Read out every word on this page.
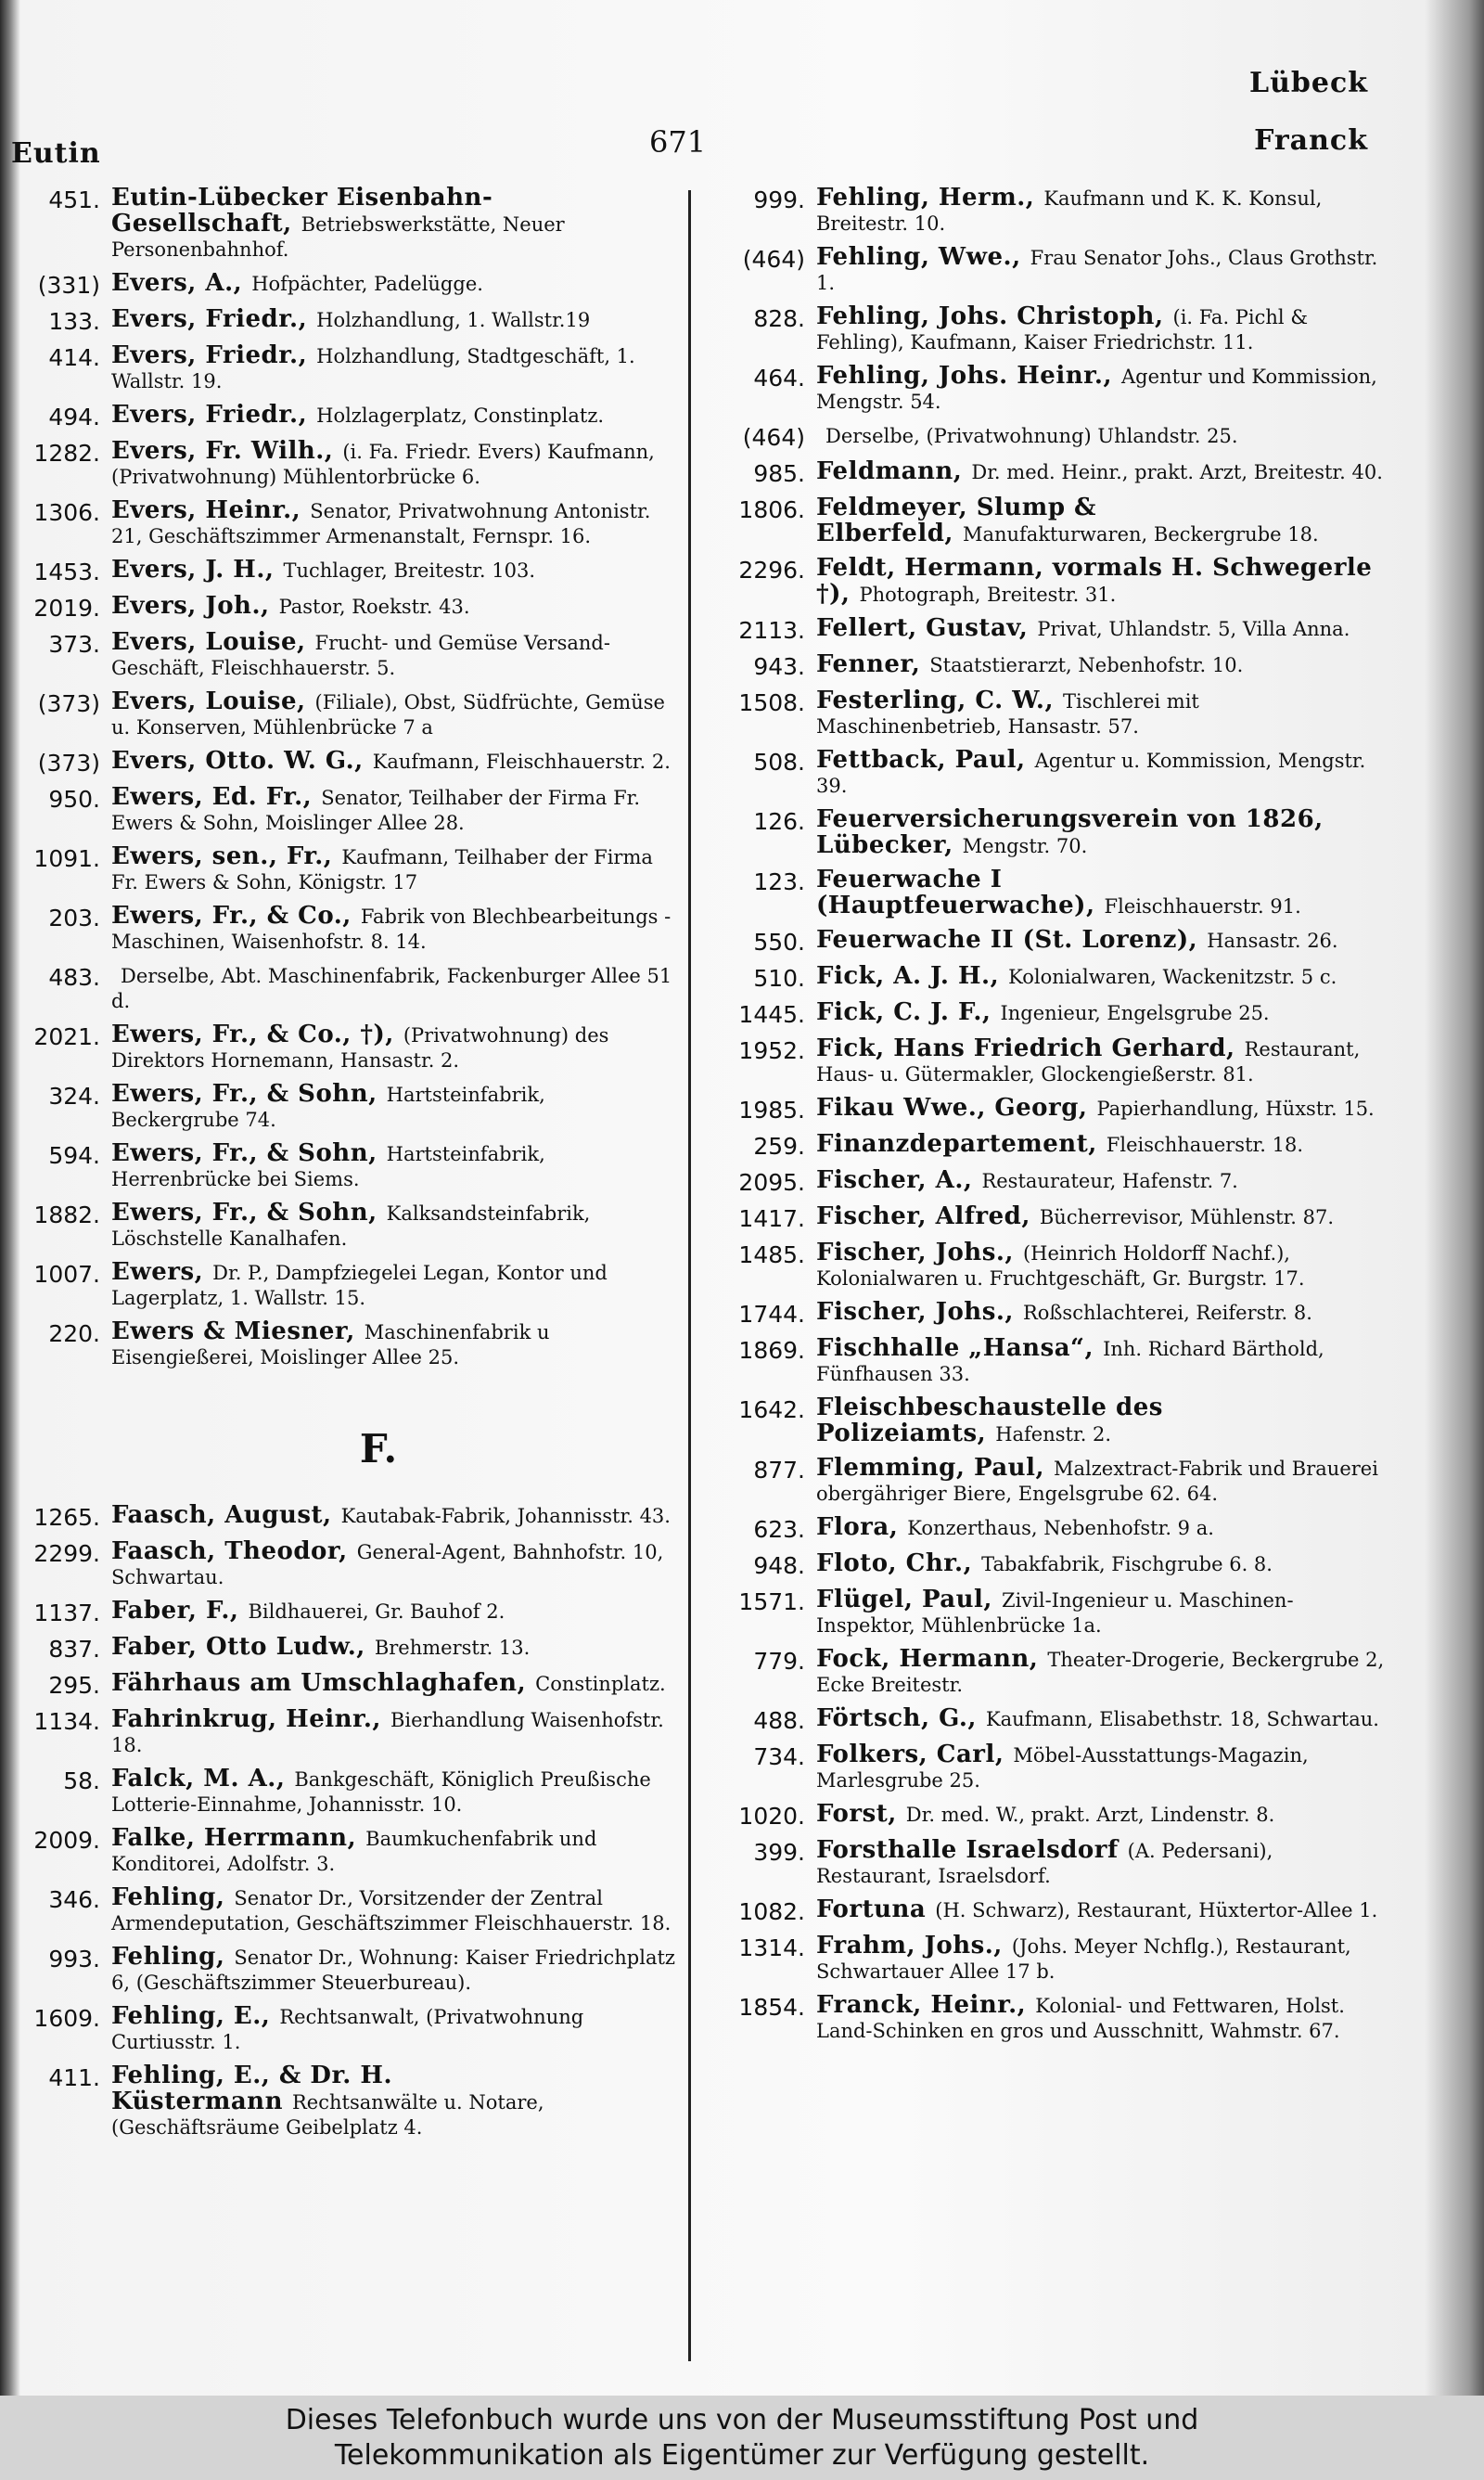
Lübeck
Eutin	671	Franck
451. Eutin-Lübecker Eisenbahn-Gesellschaft, Betriebswerkstätte, Neuer Personenbahnhof.
(331) Evers, A., Hofpächter, Padelügge.
133. Evers, Friedr., Holzhandlung, 1. Wallstr.19
414. Evers, Friedr., Holzhandlung, Stadtgeschäft, 1. Wallstr. 19.
494. Evers, Friedr., Holzlagerplatz, Constinplatz.
1282. Evers, Fr. Wilh., (i. Fa. Friedr. Evers) Kaufmann, (Privatwohnung) Mühlentorbrücke 6.
1306. Evers, Heinr., Senator, Privatwohnung Antonistr. 21, Geschäftszimmer Armenanstalt, Fernspr. 16.
1453. Evers, J. H., Tuchlager, Breitestr. 103.
2019. Evers, Joh., Pastor, Roekstr. 43.
373. Evers, Louise, Frucht- und Gemüse Versand-Geschäft, Fleischhauerstr. 5.
(373) Evers, Louise, (Filiale), Obst, Südfrüchte, Gemüse u. Konserven, Mühlenbrücke 7 a
(373) Evers, Otto. W. G., Kaufmann, Fleischhauerstr. 2.
950. Ewers, Ed. Fr., Senator, Teilhaber der Firma Fr. Ewers & Sohn, Moislinger Allee 28.
1091. Ewers, sen., Fr., Kaufmann, Teilhaber der Firma Fr. Ewers & Sohn, Königstr. 17
203. Ewers, Fr., & Co., Fabrik von Blechbearbeitungs - Maschinen, Waisenhofstr. 8. 14.
483. Derselbe, Abt. Maschinenfabrik, Fackenburger Allee 51 d.
2021. Ewers, Fr., & Co., †), (Privatwohnung) des Direktors Hornemann, Hansastr. 2.
324. Ewers, Fr., & Sohn, Hartsteinfabrik, Beckergrube 74.
594. Ewers, Fr., & Sohn, Hartsteinfabrik, Herrenbrücke bei Siems.
1882. Ewers, Fr., & Sohn, Kalksandsteinfabrik, Löschstelle Kanalhafen.
1007. Ewers, Dr. P., Dampfziegelei Legan, Kontor und Lagerplatz, 1. Wallstr. 15.
220. Ewers & Miesner, Maschinenfabrik u Eisengießerei, Moislinger Allee 25.
F.
1265. Faasch, August, Kautabak-Fabrik, Johannisstr. 43.
2299. Faasch, Theodor, General-Agent, Bahnhofstr. 10, Schwartau.
1137. Faber, F., Bildhauerei, Gr. Bauhof 2.
837. Faber, Otto Ludw., Brehmerstr. 13.
295. Fährhaus am Umschlaghafen, Constinplatz.
1134. Fahrinkrug, Heinr., Bierhandlung Waisenhofstr. 18.
58. Falck, M. A., Bankgeschäft, Königlich Preußische Lotterie-Einnahme, Johannisstr. 10.
2009. Falke, Herrmann, Baumkuchenfabrik und Konditorei, Adolfstr. 3.
346. Fehling, Senator Dr., Vorsitzender der Zentral Armendeputation, Geschäftszimmer Fleischhauerstr. 18.
993. Fehling, Senator Dr., Wohnung: Kaiser Friedrichplatz 6, (Geschäftszimmer Steuerbureau).
1609. Fehling, E., Rechtsanwalt, (Privatwohnung Curtiusstr. 1.
411. Fehling, E., & Dr. H. Küstermann Rechtsanwälte u. Notare,(Geschäftsräume Geibelplatz 4.
999. Fehling, Herm., Kaufmann und K. K. Konsul, Breitestr. 10.
(464) Fehling, Wwe., Frau Senator Johs., Claus Grothstr. 1.
828. Fehling, Johs. Christoph, (i. Fa. Pichl & Fehling), Kaufmann, Kaiser Friedrichstr. 11.
464. Fehling, Johs. Heinr., Agentur und Kommission, Mengstr. 54.
(464) Derselbe, (Privatwohnung) Uhlandstr. 25.
985. Feldmann, Dr. med. Heinr., prakt. Arzt, Breitestr. 40.
1806. Feldmeyer, Slump & Elberfeld, Manufakturwaren, Beckergrube 18.
2296. Feldt, Hermann, vormals H. Schwegerle †), Photograph, Breitestr. 31.
2113. Fellert, Gustav, Privat, Uhlandstr. 5, Villa Anna.
943. Fenner, Staatstierarzt, Nebenhofstr. 10.
1508. Festerling, C. W., Tischlerei mit Maschinenbetrieb, Hansastr. 57.
508. Fettback, Paul, Agentur u. Kommission, Mengstr. 39.
126. Feuerversicherungsverein von 1826, Lübecker, Mengstr. 70.
123. Feuerwache I (Hauptfeuerwache), Fleischhauerstr. 91.
550. Feuerwache II (St. Lorenz), Hansastr. 26.
510. Fick, A. J. H., Kolonialwaren, Wackenitzstr. 5 c.
1445. Fick, C. J. F., Ingenieur, Engelsgrube 25.
1952. Fick, Hans Friedrich Gerhard, Restaurant, Haus- u. Gütermakler, Glockengießerstr. 81.
1985. Fikau Wwe., Georg, Papierhandlung, Hüxstr. 15.
259. Finanzdepartement, Fleischhauerstr. 18.
2095. Fischer, A., Restaurateur, Hafenstr. 7.
1417. Fischer, Alfred, Bücherrevisor, Mühlenstr. 87.
1485. Fischer, Johs., (Heinrich Holdorff Nachf.), Kolonialwaren u. Fruchtgeschäft, Gr. Burgstr. 17.
1744. Fischer, Johs., Roßschlachterei, Reiferstr. 8.
1869. Fischhalle „Hansa“, Inh. Richard Bärthold, Fünfhausen 33.
1642. Fleischbeschaustelle des Polizeiamts, Hafenstr. 2.
877. Flemming, Paul, Malzextract-Fabrik und Brauerei obergähriger Biere, Engelsgrube 62. 64.
623. Flora, Konzerthaus, Nebenhofstr. 9 a.
948. Floto, Chr., Tabakfabrik, Fischgrube 6. 8.
1571. Flügel, Paul, Zivil-Ingenieur u. Maschinen-Inspektor, Mühlenbrücke 1a.
779. Fock, Hermann, Theater-Drogerie, Beckergrube 2, Ecke Breitestr.
488. Förtsch, G., Kaufmann, Elisabethstr. 18, Schwartau.
734. Folkers, Carl, Möbel-Ausstattungs-Magazin, Marlesgrube 25.
1020. Forst, Dr. med. W., prakt. Arzt, Lindenstr. 8.
399. Forsthalle Israelsdorf (A. Pedersani), Restaurant, Israelsdorf.
1082. Fortuna (H. Schwarz), Restaurant, Hüxtertor-Allee 1.
1314. Frahm, Johs., (Johs. Meyer Nchflg.), Restaurant, Schwartauer Allee 17 b.
1854. Franck, Heinr., Kolonial- und Fettwaren, Holst. Land-Schinken en gros und Ausschnitt, Wahmstr. 67.
Dieses Telefonbuch wurde uns von der Museumsstiftung Post und
Telekommunikation als Eigentümer zur Verfügung gestellt.
